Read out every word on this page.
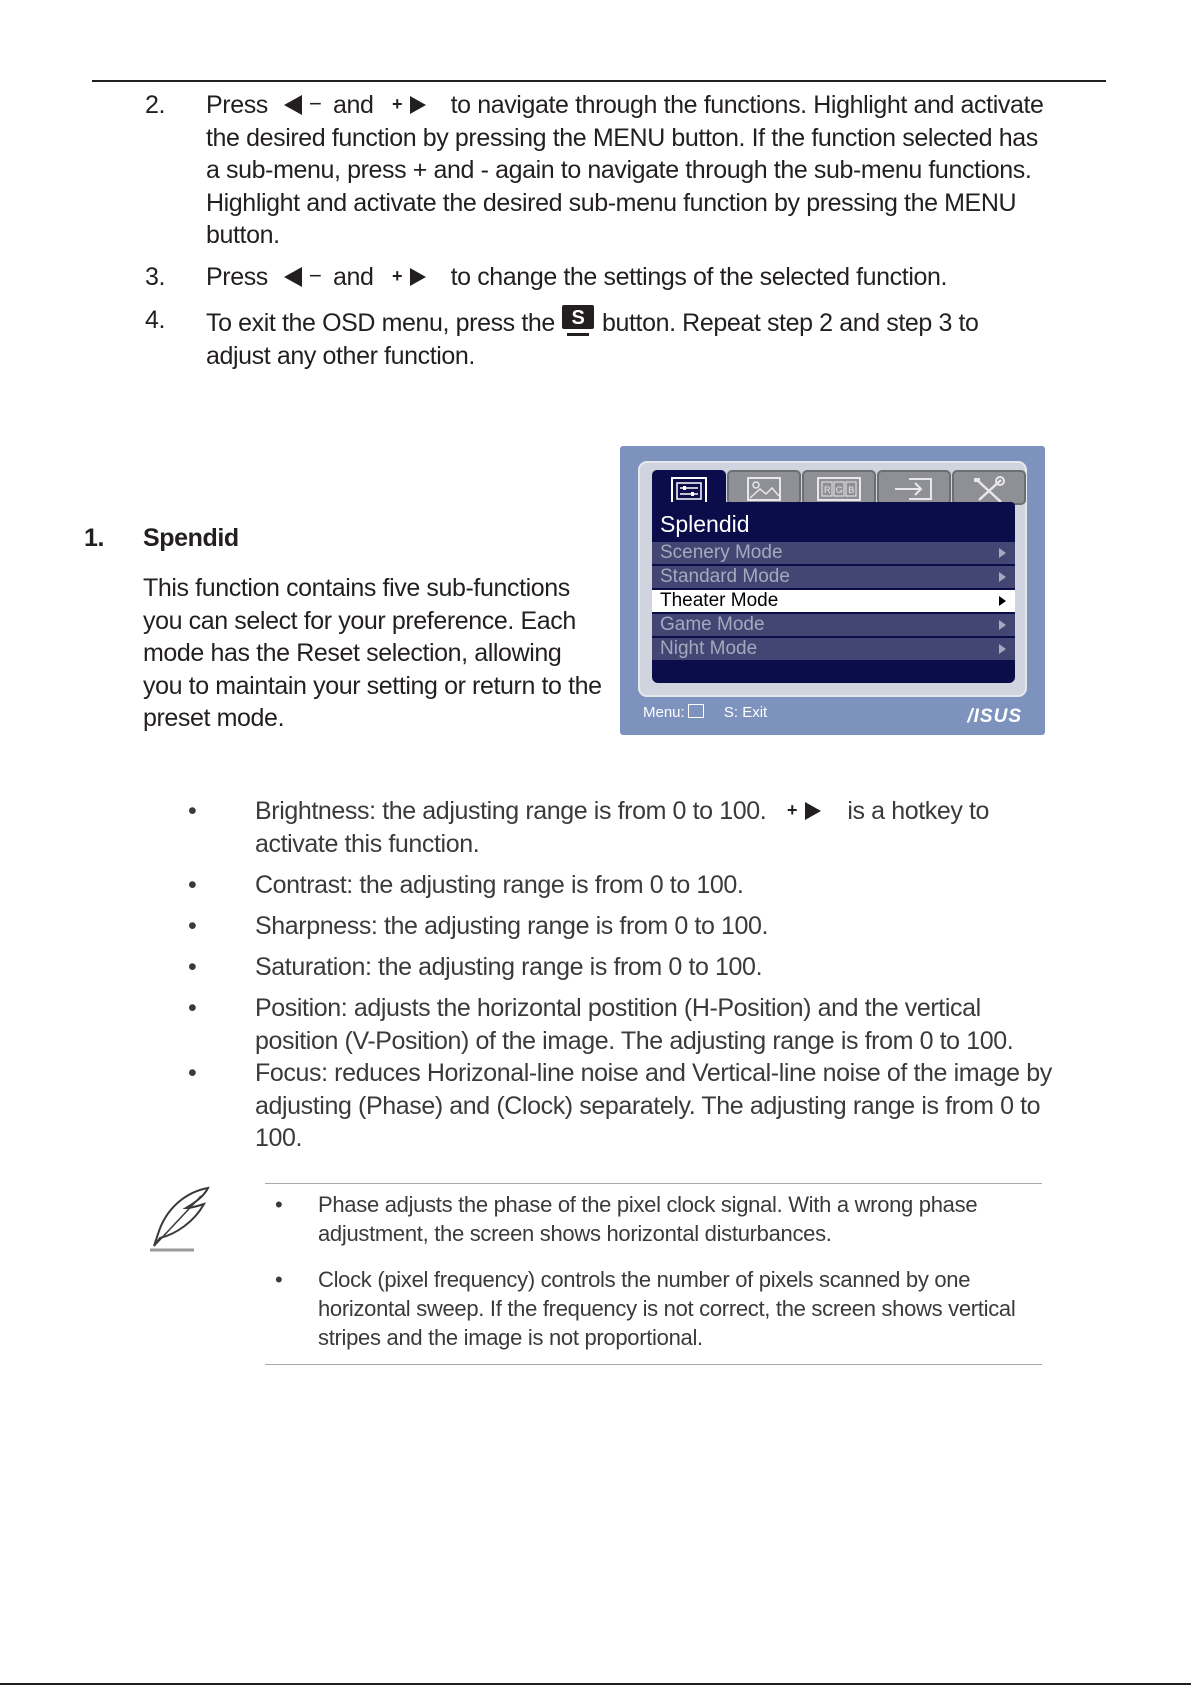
2. Press − and + to navigate through the functions. Highlight and activate the desired function by pressing the MENU button. If the function selected has a sub-menu, press + and - again to navigate through the sub-menu functions. Highlight and activate the desired sub-menu function by pressing the MENU button.
3. Press − and + to change the settings of the selected function.
4. To exit the OSD menu, press the S button. Repeat step 2 and step 3 to adjust any other function.
1. Spendid
This function contains five sub-functions you can select for your preference. Each mode has the Reset selection, allowing you to maintain your setting or return to the preset mode.
R G B
Splendid
Scenery Mode
Standard Mode
Theater Mode
Game Mode
Night Mode
Menu:	S: Exit	/ISUS
• Brightness: the adjusting range is from 0 to 100. + is a hotkey to activate this function.
• Contrast: the adjusting range is from 0 to 100.
• Sharpness: the adjusting range is from 0 to 100.
• Saturation: the adjusting range is from 0 to 100.
• Position: adjusts the horizontal postition (H-Position) and the vertical position (V-Position) of the image. The adjusting range is from 0 to 100.
• Focus: reduces Horizonal-line noise and Vertical-line noise of the image by adjusting (Phase) and (Clock) separately. The adjusting range is from 0 to 100.
• Phase adjusts the phase of the pixel clock signal. With a wrong phase adjustment, the screen shows horizontal disturbances.
• Clock (pixel frequency) controls the number of pixels scanned by one horizontal sweep. If the frequency is not correct, the screen shows vertical stripes and the image is not proportional.
